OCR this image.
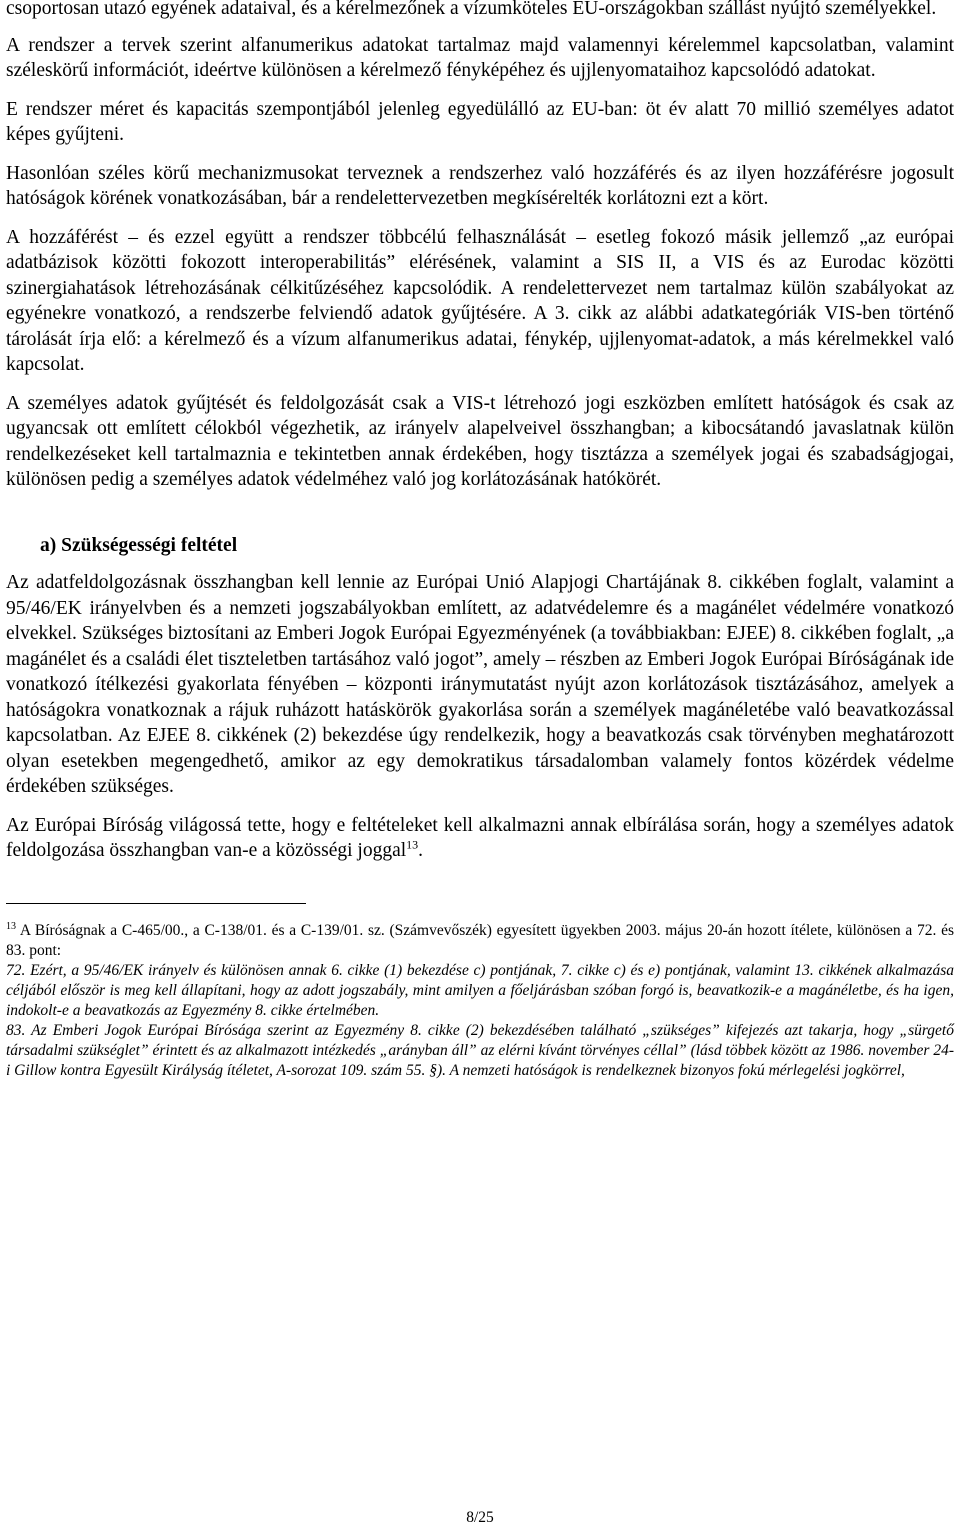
csoportosan utazó egyének adataival, és a kérelmezőnek a vízumköteles EU-országokban szállást nyújtó személyekkel.

A rendszer a tervek szerint alfanumerikus adatokat tartalmaz majd valamennyi kérelemmel kapcsolatban, valamint széleskörű információt, ideértve különösen a kérelmező fényképéhez és ujjlenyomataihoz kapcsolódó adatokat.

E rendszer méret és kapacitás szempontjából jelenleg egyedülálló az EU-ban: öt év alatt 70 millió személyes adatot képes gyűjteni.

Hasonlóan széles körű mechanizmusokat terveznek a rendszerhez való hozzáférés és az ilyen hozzáférésre jogosult hatóságok körének vonatkozásában, bár a rendelettervezetben megkísérelték korlátozni ezt a kört.

A hozzáférést – és ezzel együtt a rendszer többcélú felhasználását – esetleg fokozó másik jellemző „az európai adatbázisok közötti fokozott interoperabilitás” elérésének, valamint a SIS II, a VIS és az Eurodac közötti szinergiahatások létrehozásának célkitűzéséhez kapcsolódik. A rendelettervezet nem tartalmaz külön szabályokat az egyénekre vonatkozó, a rendszerbe felviendő adatok gyűjtésére. A 3. cikk az alábbi adatkategóriák VIS-ben történő tárolását írja elő: a kérelmező és a vízum alfanumerikus adatai, fénykép, ujjlenyomat-adatok, a más kérelmekkel való kapcsolat.

A személyes adatok gyűjtését és feldolgozását csak a VIS-t létrehozó jogi eszközben említett hatóságok és csak az ugyancsak ott említett célokból végezhetik, az irányelv alapelveivel összhangban; a kibocsátandó javaslatnak külön rendelkezéseket kell tartalmaznia e tekintetben annak érdekében, hogy tisztázza a személyek jogai és szabadságjogai, különösen pedig a személyes adatok védelméhez való jog korlátozásának hatókörét.

a) Szükségességi feltétel

Az adatfeldolgozásnak összhangban kell lennie az Európai Unió Alapjogi Chartájának 8. cikkében foglalt, valamint a 95/46/EK irányelvben és a nemzeti jogszabályokban említett, az adatvédelemre és a magánélet védelmére vonatkozó elvekkel. Szükséges biztosítani az Emberi Jogok Európai Egyezményének (a továbbiakban: EJEE) 8. cikkében foglalt, „a magánélet és a családi élet tiszteletben tartásához való jogot”, amely – részben az Emberi Jogok Európai Bíróságának ide vonatkozó ítélkezési gyakorlata fényében – központi iránymutatást nyújt azon korlátozások tisztázásához, amelyek a hatóságokra vonatkoznak a rájuk ruházott hatáskörök gyakorlása során a személyek magánéletébe való beavatkozással kapcsolatban. Az EJEE 8. cikkének (2) bekezdése úgy rendelkezik, hogy a beavatkozás csak törvényben meghatározott olyan esetekben megengedhető, amikor az egy demokratikus társadalomban valamely fontos közérdek védelme érdekében szükséges.

Az Európai Bíróság világossá tette, hogy e feltételeket kell alkalmazni annak elbírálása során, hogy a személyes adatok feldolgozása összhangban van-e a közösségi joggal$^{13}$.

$^{13}$ A Bíróságnak a C-465/00., a C-138/01. és a C-139/01. sz. (Számvevőszék) egyesített ügyekben 2003. május 20-án hozott ítélete, különösen a 72. és 83. pont:
72. Ezért, a 95/46/EK irányelv és különösen annak 6. cikke (1) bekezdése c) pontjának, 7. cikke c) és e) pontjának, valamint 13. cikkének alkalmazása céljából először is meg kell állapítani, hogy az adott jogszabály, mint amilyen a főeljárásban szóban forgó is, beavatkozik-e a magánéletbe, és ha igen, indokolt-e a beavatkozás az Egyezmény 8. cikke értelmében.
83. Az Emberi Jogok Európai Bírósága szerint az Egyezmény 8. cikke (2) bekezdésében található „szükséges” kifejezés azt takarja, hogy „sürgető társadalmi szükséglet” érintett és az alkalmazott intézkedés „arányban áll” az elérni kívánt törvényes céllal” (lásd többek között az 1986. november 24-i Gillow kontra Egyesült Királyság ítéletet, A-sorozat 109. szám 55. §). A nemzeti hatóságok is rendelkeznek bizonyos fokú mérlegelési jogkörrel,
8/25
